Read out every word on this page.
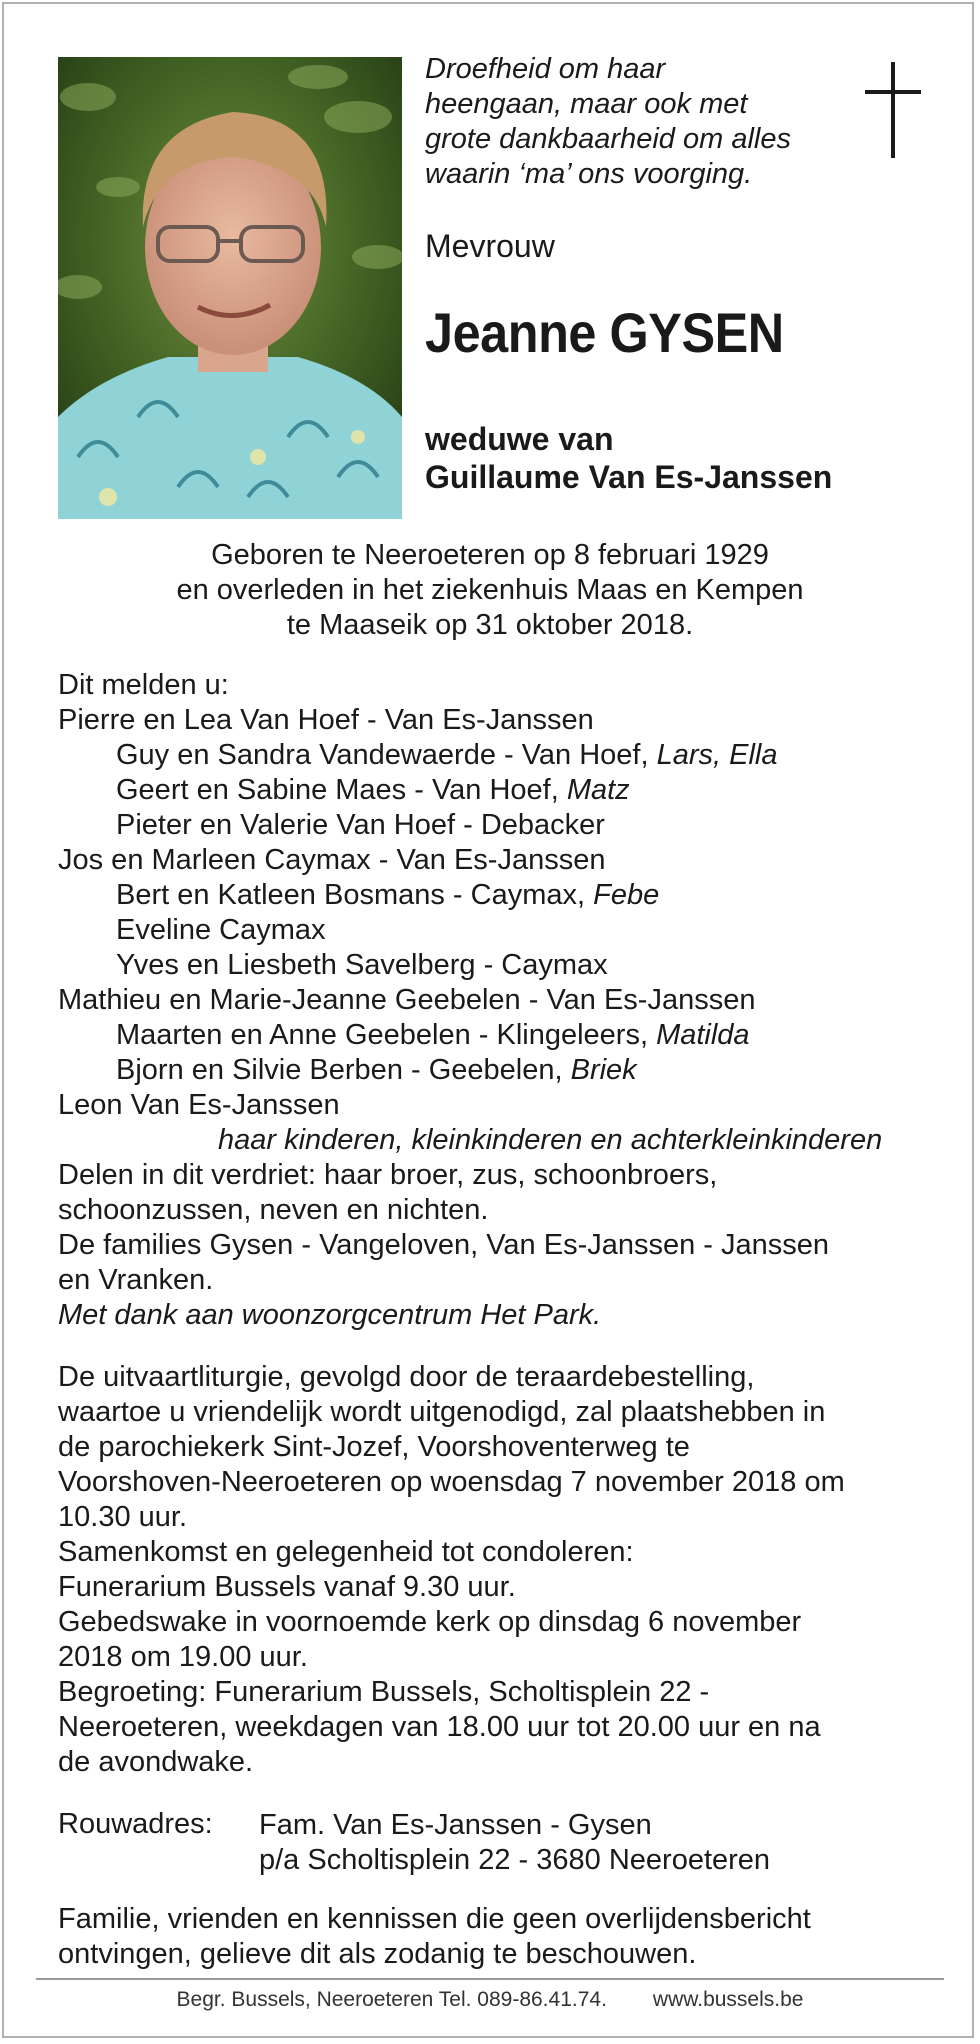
Droefheid om haar
heengaan, maar ook met
grote dankbaarheid om alles
waarin ‘ma’ ons voorging.
Mevrouw
Jeanne GYSEN
weduwe van
Guillaume Van Es-Janssen
Geboren te Neeroeteren op 8 februari 1929
en overleden in het ziekenhuis Maas en Kempen
te Maaseik op 31 oktober 2018.
Dit melden u:
Pierre en Lea Van Hoef - Van Es-Janssen
Guy en Sandra Vandewaerde - Van Hoef, Lars, Ella
Geert en Sabine Maes - Van Hoef, Matz
Pieter en Valerie Van Hoef - Debacker
Jos en Marleen Caymax - Van Es-Janssen
Bert en Katleen Bosmans - Caymax, Febe
Eveline Caymax
Yves en Liesbeth Savelberg - Caymax
Mathieu en Marie-Jeanne Geebelen - Van Es-Janssen
Maarten en Anne Geebelen - Klingeleers, Matilda
Bjorn en Silvie Berben - Geebelen, Briek
Leon Van Es-Janssen
haar kinderen, kleinkinderen en achterkleinkinderen
Delen in dit verdriet: haar broer, zus, schoonbroers,
schoonzussen, neven en nichten.
De families Gysen - Vangeloven, Van Es-Janssen - Janssen
en Vranken.
Met dank aan woonzorgcentrum Het Park.
De uitvaartliturgie, gevolgd door de teraardebestelling,
waartoe u vriendelijk wordt uitgenodigd, zal plaatshebben in
de parochiekerk Sint-Jozef, Voorshoventerweg te
Voorshoven-Neeroeteren op woensdag 7 november 2018 om
10.30 uur.
Samenkomst en gelegenheid tot condoleren:
Funerarium Bussels vanaf 9.30 uur.
Gebedswake in voornoemde kerk op dinsdag 6 november
2018 om 19.00 uur.
Begroeting: Funerarium Bussels, Scholtisplein 22 -
Neeroeteren, weekdagen van 18.00 uur tot 20.00 uur en na
de avondwake.
Rouwadres: Fam. Van Es-Janssen - Gysen
p/a Scholtisplein 22 - 3680 Neeroeteren
Familie, vrienden en kennissen die geen overlijdensbericht
ontvingen, gelieve dit als zodanig te beschouwen.
Begr. Bussels, Neeroeteren Tel. 089-86.41.74. www.bussels.be
